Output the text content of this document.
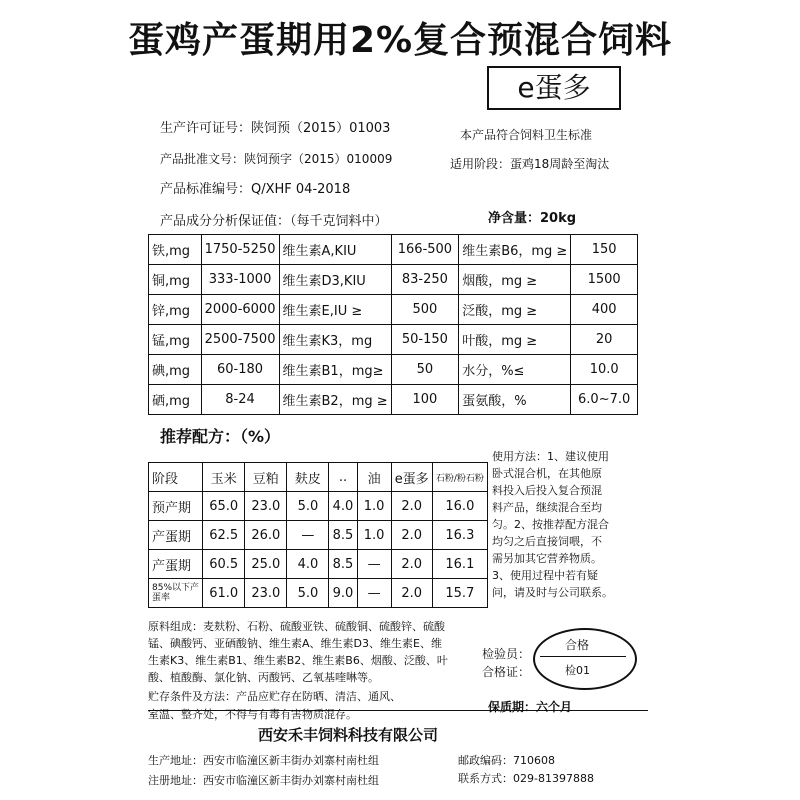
蛋鸡产蛋期用2%复合预混合饲料
e蛋多
生产许可证号：陕饲预（2015）01003	本产品符合饲料卫生标准
产品批准文号：陕饲预字（2015）010009	适用阶段：蛋鸡18周龄至淘汰
产品标准编号：Q/XHF 04-2018
产品成分分析保证值：（每千克饲料中）	净含量：20kg
铁,mg	1750-5250	维生素A,KIU	166-500	维生素B6，mg ≥	150
铜,mg	333-1000	维生素D3,KIU	83-250	烟酸，mg ≥	1500
锌,mg	2000-6000	维生素E,IU ≥	500	泛酸，mg ≥	400
锰,mg	2500-7500	维生素K3，mg	50-150	叶酸，mg ≥	20
碘,mg	60-180	维生素B1，mg≥	50	水分，%≤	10.0
硒,mg	8-24	维生素B2，mg ≥	100	蛋氨酸，%	6.0~7.0
推荐配方：（%）
阶段	玉米	豆粕	麸皮	..	油	e蛋多	石粉/粉石粉
预产期	65.0	23.0	5.0	4.0	1.0	2.0	16.0
产蛋期	62.5	26.0	—	8.5	1.0	2.0	16.3
产蛋期	60.5	25.0	4.0	8.5	—	2.0	16.1
85%以下产蛋率	61.0	23.0	5.0	9.0	—	2.0	15.7
使用方法：1、建议使用
卧式混合机，在其他原
料投入后投入复合预混
料产品，继续混合至均
匀。2、按推荐配方混合
均匀之后直接饲喂，不
需另加其它营养物质。
3、使用过程中若有疑
问，请及时与公司联系。
原料组成：麦麸粉、石粉、硫酸亚铁、硫酸铜、硫酸锌、硫酸
锰、碘酸钙、亚硒酸钠、维生素A、维生素D3、维生素E、维
生素K3、维生素B1、维生素B2、维生素B6、烟酸、泛酸、叶
酸、植酸酶、氯化钠、丙酸钙、乙氧基喹啉等。
贮存条件及方法：产品应贮存在防晒、清洁、通风、
室温、整齐处，不得与有毒有害物质混存。
检验员：
合格证：
合格
检01
保质期：六个月
西安禾丰饲料科技有限公司
生产地址：西安市临潼区新丰街办刘寨村南杜组	邮政编码：710608
注册地址：西安市临潼区新丰街办刘寨村南杜组	联系方式：029-81397888
